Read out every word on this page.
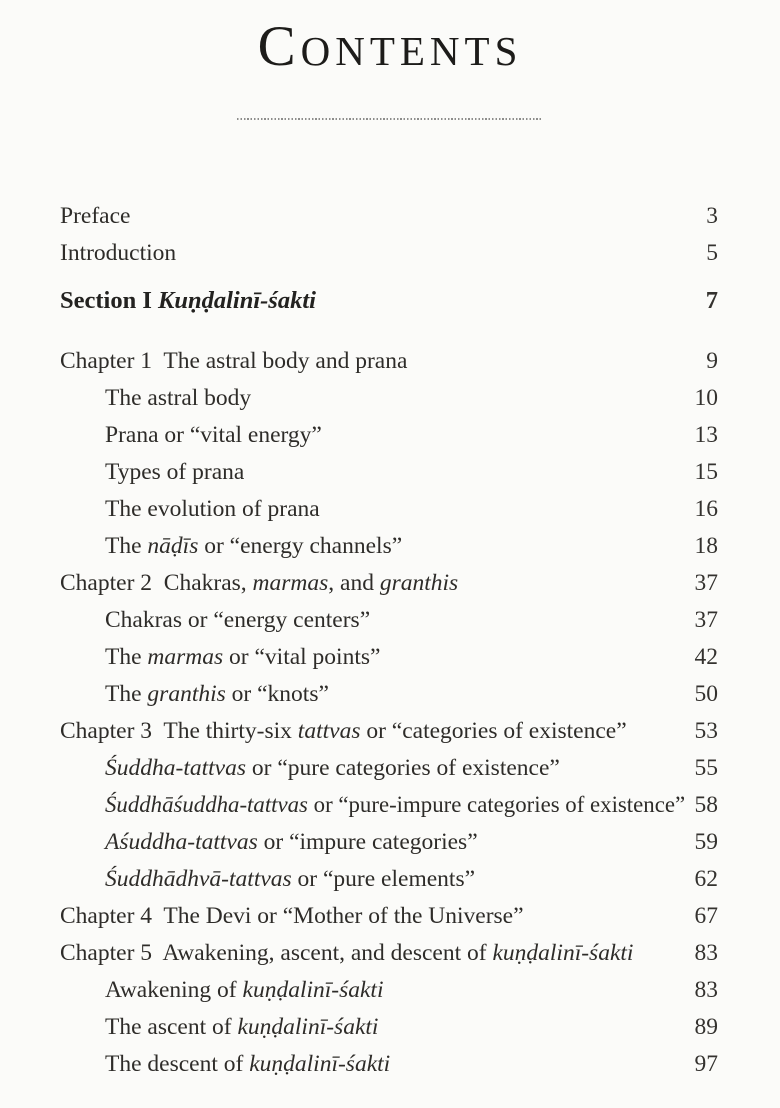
CONTENTS
Preface	3
Introduction	5
Section I Kuṇḍalinī-śakti	7
Chapter 1  The astral body and prana	9
The astral body	10
Prana or “vital energy”	13
Types of prana	15
The evolution of prana	16
The nāḍīs or “energy channels”	18
Chapter 2  Chakras, marmas, and granthis	37
Chakras or “energy centers”	37
The marmas or “vital points”	42
The granthis or “knots”	50
Chapter 3  The thirty-six tattvas or “categories of existence”	53
Śuddha-tattvas or “pure categories of existence”	55
Śuddhāśuddha-tattvas or “pure-impure categories of existence” 58
Aśuddha-tattvas or “impure categories”	59
Śuddhādhvā-tattvas or “pure elements”	62
Chapter 4  The Devi or “Mother of the Universe”	67
Chapter 5  Awakening, ascent, and descent of kuṇḍalinī-śakti	83
Awakening of kuṇḍalinī-śakti	83
The ascent of kuṇḍalinī-śakti	89
The descent of kuṇḍalinī-śakti	97
